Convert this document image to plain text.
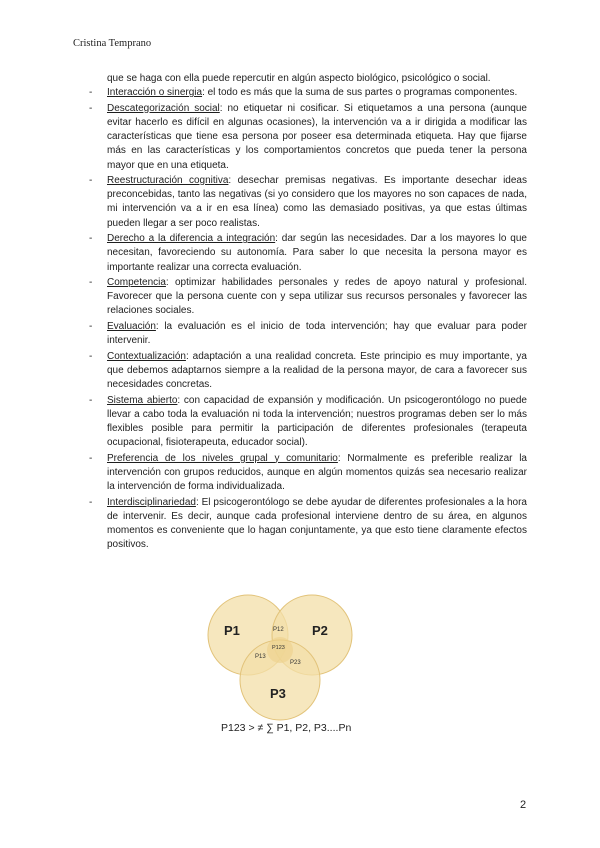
Cristina Temprano

que se haga con ella puede repercutir en algún aspecto biológico, psicológico o social.

- Interacción o sinergia: el todo es más que la suma de sus partes o programas componentes.
- Descategorización social: no etiquetar ni cosificar. Si etiquetamos a una persona (aunque evitar hacerlo es difícil en algunas ocasiones), la intervención va a ir dirigida a modificar las características que tiene esa persona por poseer esa determinada etiqueta. Hay que fijarse más en las características y los comportamientos concretos que pueda tener la persona mayor que en una etiqueta.
- Reestructuración cognitiva: desechar premisas negativas. Es importante desechar ideas preconcebidas, tanto las negativas (si yo considero que los mayores no son capaces de nada, mi intervención va a ir en esa línea) como las demasiado positivas, ya que estas últimas pueden llegar a ser poco realistas.
- Derecho a la diferencia a integración: dar según las necesidades. Dar a los mayores lo que necesitan, favoreciendo su autonomía. Para saber lo que necesita la persona mayor es importante realizar una correcta evaluación.
- Competencia: optimizar habilidades personales y redes de apoyo natural y profesional. Favorecer que la persona cuente con y sepa utilizar sus recursos personales y favorecer las relaciones sociales.
- Evaluación: la evaluación es el inicio de toda intervención; hay que evaluar para poder intervenir.
- Contextualización: adaptación a una realidad concreta. Este principio es muy importante, ya que debemos adaptarnos siempre a la realidad de la persona mayor, de cara a favorecer sus necesidades concretas.
- Sistema abierto: con capacidad de expansión y modificación. Un psicogerontólogo no puede llevar a cabo toda la evaluación ni toda la intervención; nuestros programas deben ser lo más flexibles posible para permitir la participación de diferentes profesionales (terapeuta ocupacional, fisioterapeuta, educador social).
- Preferencia de los niveles grupal y comunitario: Normalmente es preferible realizar la intervención con grupos reducidos, aunque en algún momentos quizás sea necesario realizar la intervención de forma individualizada.
- Interdisciplinariedad: El psicogerontólogo se debe ayudar de diferentes profesionales a la hora de intervenir. Es decir, aunque cada profesional interviene dentro de su área, en algunos momentos es conveniente que lo hagan conjuntamente, ya que esto tiene claramente efectos positivos.
P1	P2
P3
P12
P13
P23
P123
P123 > ≠ ∑ P1, P2, P3....Pn
2
